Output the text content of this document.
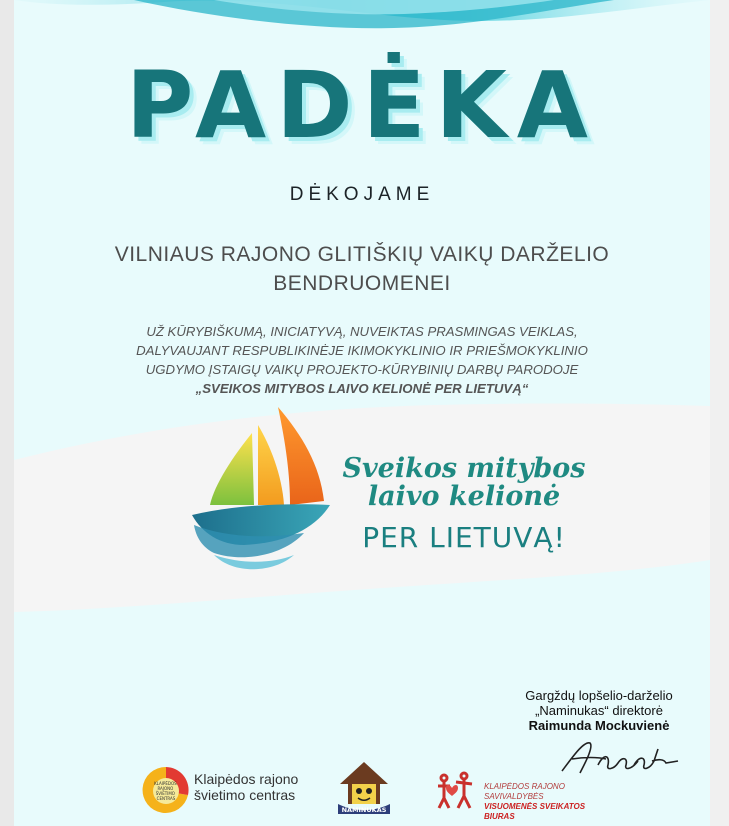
PADĖKA
DĖKOJAME
VILNIAUS RAJONO GLITIŠKIŲ VAIKŲ DARŽELIO
BENDRUOMENEI
UŽ KŪRYBIŠKUMĄ, INICIATYVĄ, NUVEIKTAS PRASMINGAS VEIKLAS,
DALYVAUJANT RESPUBLIKINĖJE IKIMOKYKLINIO IR PRIEŠMOKYKLINIO
UGDYMO ĮSTAIGŲ VAIKŲ PROJEKTO-KŪRYBINIŲ DARBŲ PARODOJE
„SVEIKOS MITYBOS LAIVO KELIONĖ PER LIETUVĄ“
Sveikos mitybos
laivo kelionė
PER LIETUVĄ!
Gargždų lopšelio-darželio
„Naminukas“ direktorė
Raimunda Mockuvienė
KLAIPĖDOS RAJONO ŠVIETIMO CENTRAS
Klaipėdos rajono
švietimo centras
NAMINUKAS
KLAIPĖDOS RAJONO SAVIVALDYBĖS
VISUOMENĖS SVEIKATOS BIURAS
